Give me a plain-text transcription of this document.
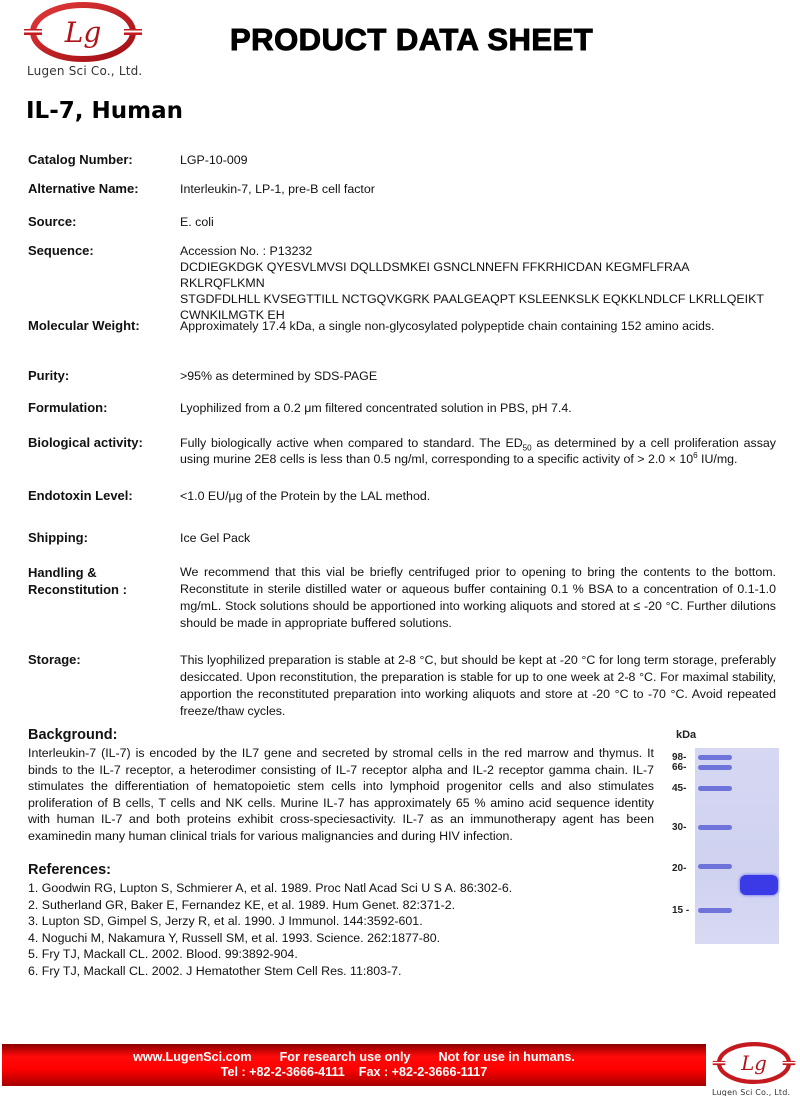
Lg
Lugen Sci Co., Ltd.
PRODUCT DATA SHEET
IL-7, Human
Catalog Number:	LGP-10-009
Alternative Name:	Interleukin-7, LP-1, pre-B cell factor
Source:	E. coli
Sequence:	Accession No. : P13232
DCDIEGKDGK QYESVLMVSI DQLLDSMKEI GSNCLNNEFN FFKRHICDAN KEGMFLFRAA RKLRQFLKMN
STGDFDLHLL KVSEGTTILL NCTGQVKGRK PAALGEAQPT KSLEENKSLK EQKKLNDLCF LKRLLQEIKT
CWNKILMGTK EH
Molecular Weight:	Approximately 17.4 kDa, a single non-glycosylated polypeptide chain containing 152 amino acids.
Purity:	>95% as determined by SDS-PAGE
Formulation:	Lyophilized from a 0.2 μm filtered concentrated solution in PBS, pH 7.4.
Biological activity:	Fully biologically active when compared to standard. The $ED_{50}$ as determined by a cell proliferation assay using murine 2E8 cells is less than 0.5 ng/ml, corresponding to a specific activity of > $2.0 \times 10^6$ IU/mg.
Endotoxin Level:	<1.0 EU/μg of the Protein by the LAL method.
Shipping:	Ice Gel Pack
Handling & Reconstitution :
We recommend that this vial be briefly centrifuged prior to opening to bring the contents to the bottom. Reconstitute in sterile distilled water or aqueous buffer containing 0.1 % BSA to a concentration of 0.1-1.0 mg/mL. Stock solutions should be apportioned into working aliquots and stored at ≤ -20 °C. Further dilutions should be made in appropriate buffered solutions.
Storage:	This lyophilized preparation is stable at 2-8 °C, but should be kept at -20 °C for long term storage, preferably desiccated. Upon reconstitution, the preparation is stable for up to one week at 2-8 °C. For maximal stability, apportion the reconstituted preparation into working aliquots and store at -20 °C to -70 °C. Avoid repeated freeze/thaw cycles.
Background:
Interleukin-7 (IL-7) is encoded by the IL7 gene and secreted by stromal cells in the red marrow and thymus. It binds to the IL-7 receptor, a heterodimer consisting of IL-7 receptor alpha and IL-2 receptor gamma chain. IL-7 stimulates the differentiation of hematopoietic stem cells into lymphoid progenitor cells and also stimulates proliferation of B cells, T cells and NK cells. Murine IL-7 has approximately 65 % amino acid sequence identity with human IL-7 and both proteins exhibit cross-speciesactivity. IL-7 as an immunotherapy agent has been examinedin many human clinical trials for various malignancies and during HIV infection.
kDa
98-
66-
45-
30-
20-
15 -
References:
1. Goodwin RG, Lupton S, Schmierer A, et al. 1989. Proc Natl Acad Sci U S A. 86:302-6.
2. Sutherland GR, Baker E, Fernandez KE, et al. 1989. Hum Genet. 82:371-2.
3. Lupton SD, Gimpel S, Jerzy R, et al. 1990. J Immunol. 144:3592-601.
4. Noguchi M, Nakamura Y, Russell SM, et al. 1993. Science. 262:1877-80.
5. Fry TJ, Mackall CL. 2002. Blood. 99:3892-904.
6. Fry TJ, Mackall CL. 2002. J Hematother Stem Cell Res. 11:803-7.
www.LugenSci.com For research use only Not for use in humans.
Tel : +82-2-3666-4111 Fax : +82-2-3666-1117	Lg
Lugen Sci Co., Ltd.
